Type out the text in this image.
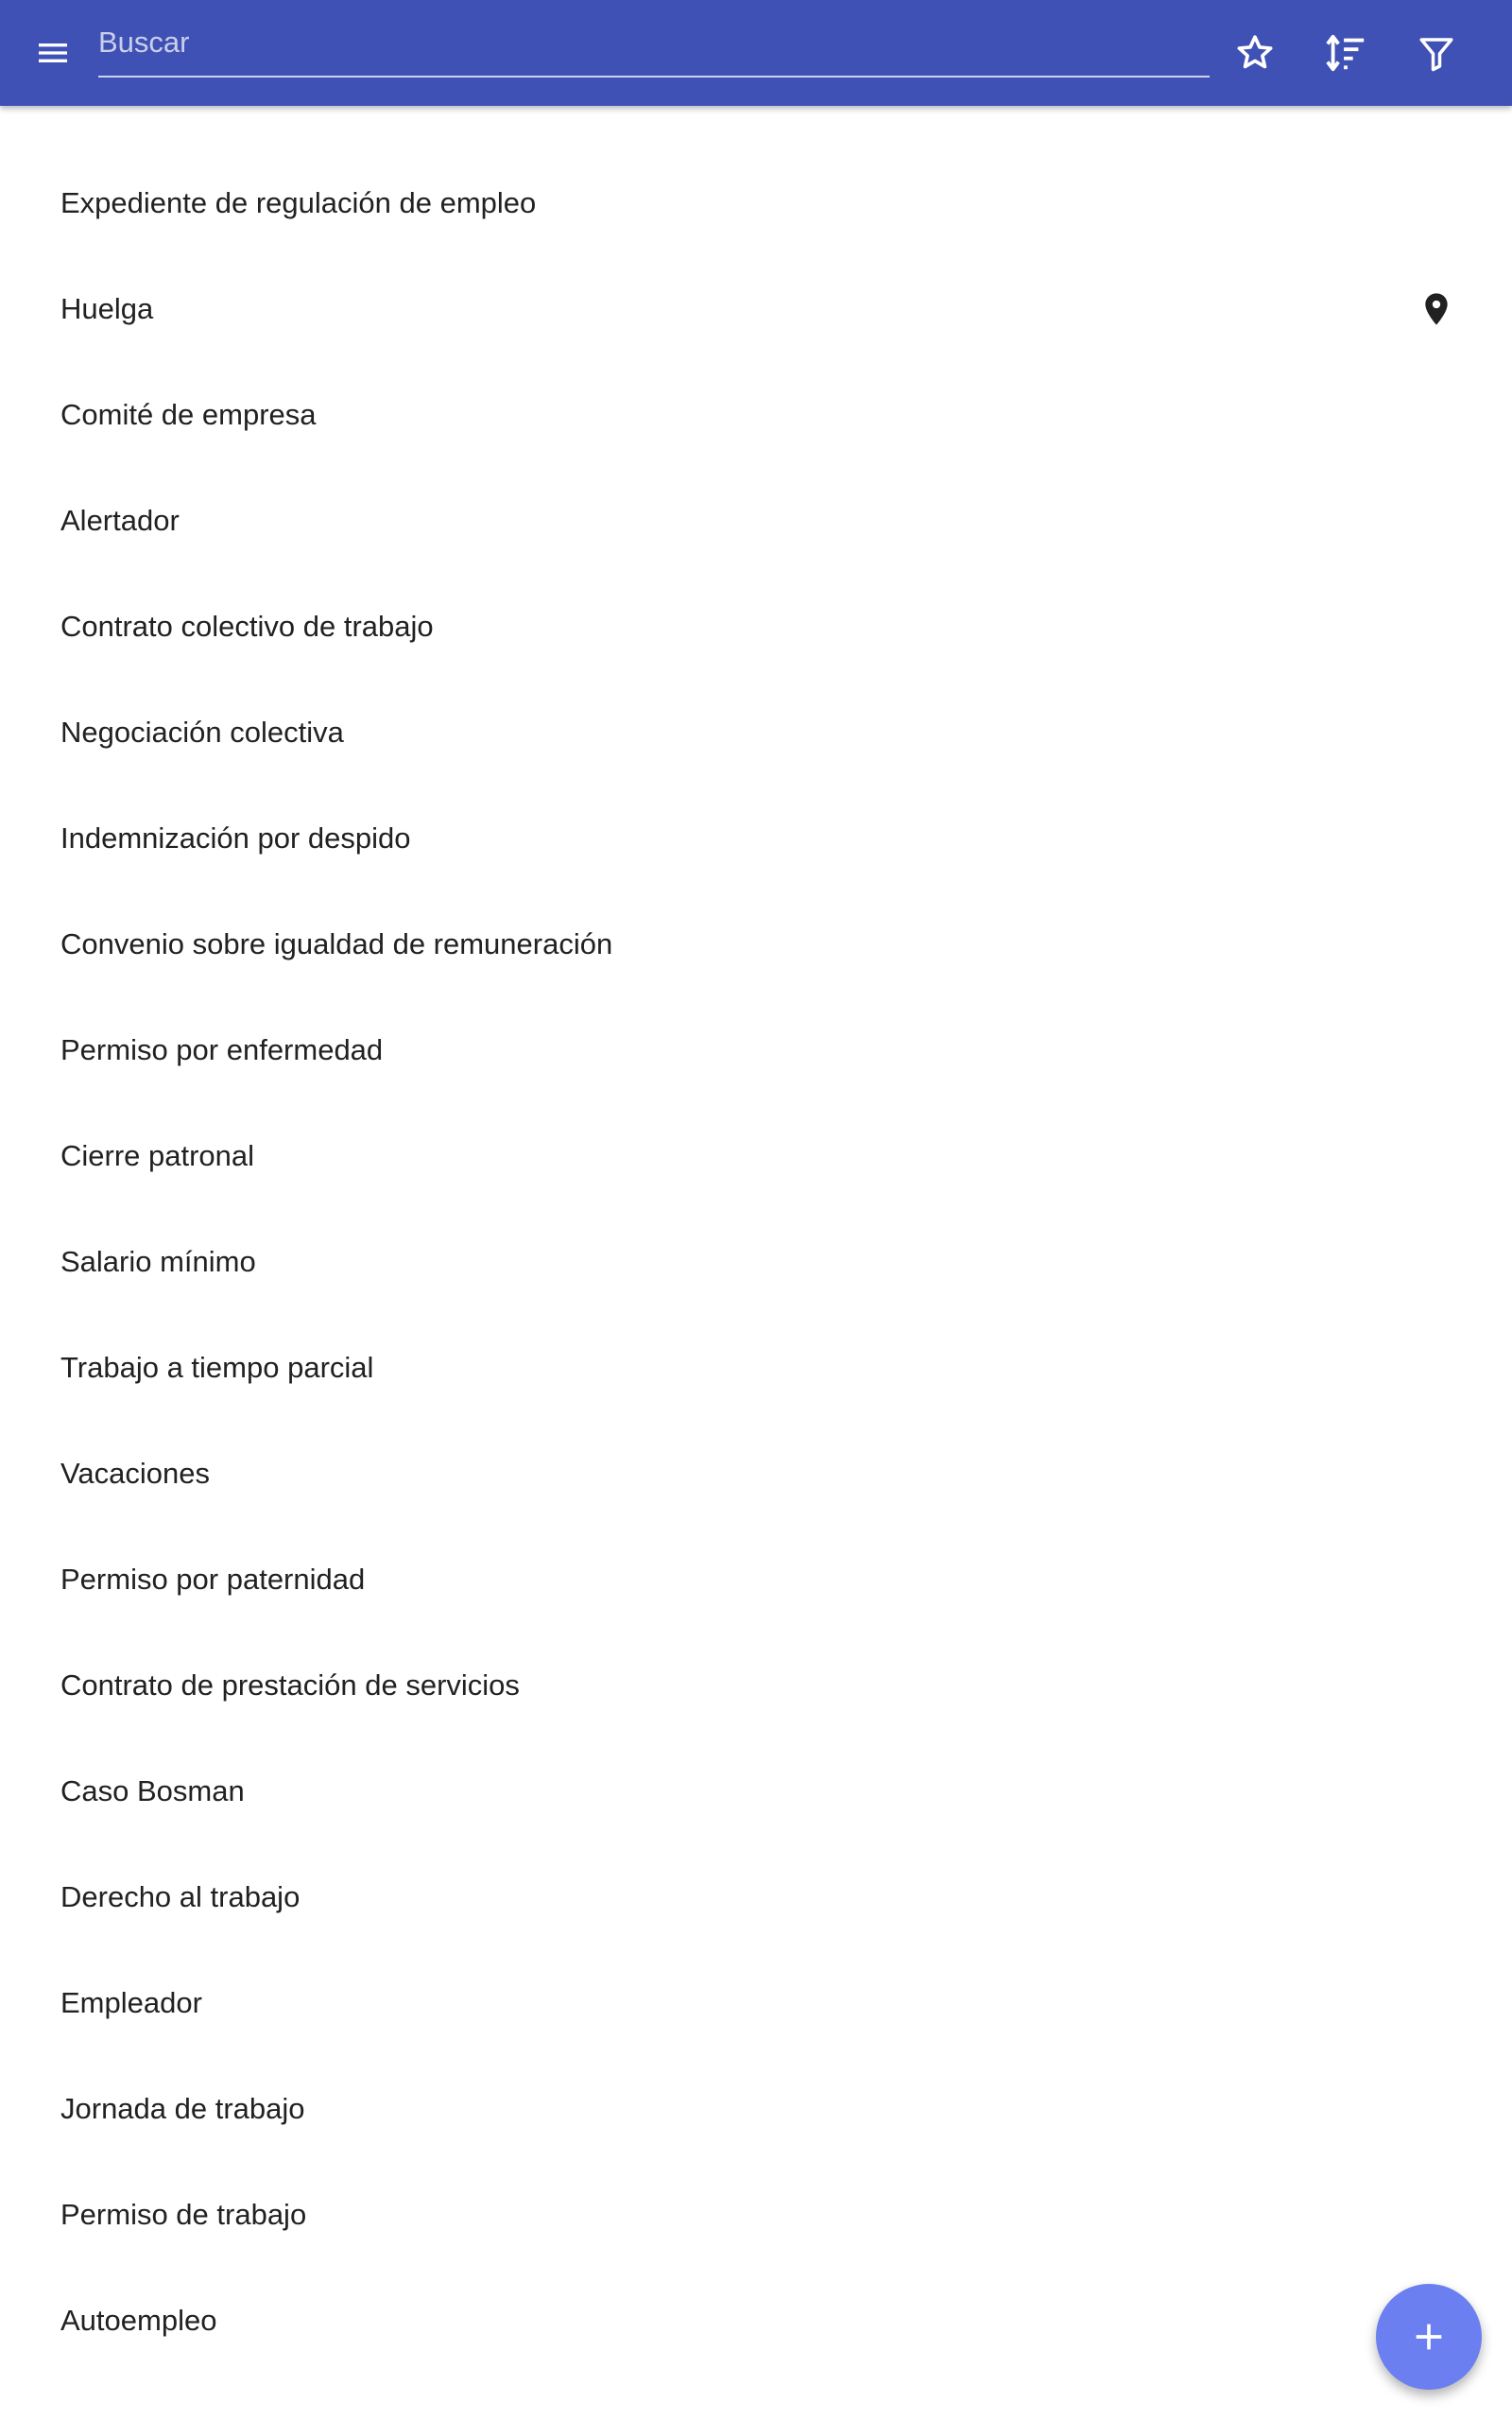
Buscar
Expediente de regulación de empleo
Huelga
Comité de empresa
Alertador
Contrato colectivo de trabajo
Negociación colectiva
Indemnización por despido
Convenio sobre igualdad de remuneración
Permiso por enfermedad
Cierre patronal
Salario mínimo
Trabajo a tiempo parcial
Vacaciones
Permiso por paternidad
Contrato de prestación de servicios
Caso Bosman
Derecho al trabajo
Empleador
Jornada de trabajo
Permiso de trabajo
Autoempleo
